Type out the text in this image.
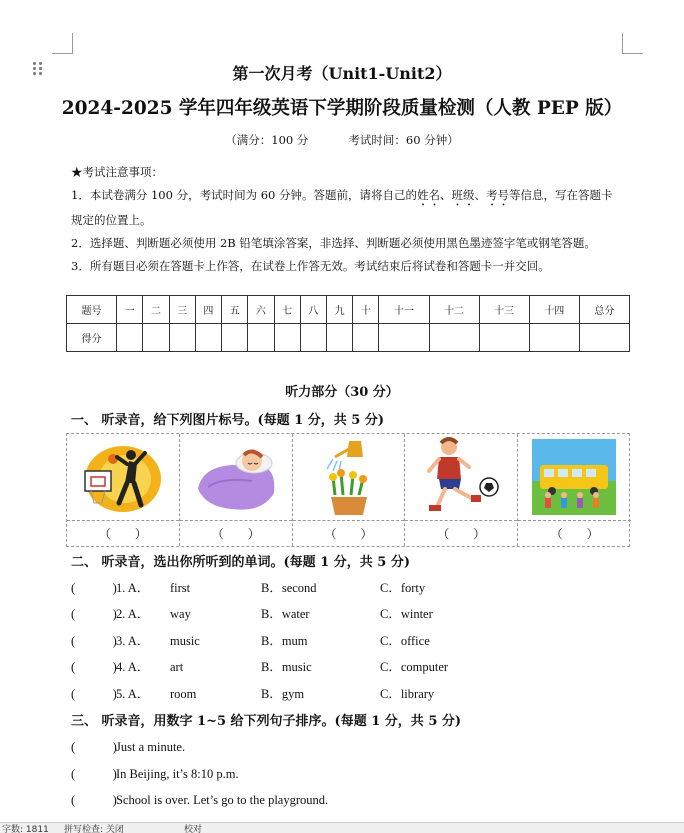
第一次月考（Unit1-Unit2）
2024-2025 学年四年级英语下学期阶段质量检测（人教 PEP 版）
（满分：100 分	考试时间：60 分钟）

★考试注意事项：

1．本试卷满分 100 分，考试时间为 60 分钟。答题前，请将自己的姓名、班级、考号等信息，写在答题卡

规定的位置上。

2．选择题、判断题必须使用 2B 铅笔填涂答案，非选择、判断题必须使用黑色墨迹签字笔或钢笔答题。

3．所有题目必须在答题卡上作答，在试卷上作答无效。考试结束后将试卷和答题卡一并交回。

题号	一	二	三	四	五	六	七	八	九	十	十一	十二	十三	十四	总分
得分															
听力部分（30 分）
一、 听录音，给下列图片标号。(每题 1 分，共 5 分)
（　　）	（　　）	（　　）	（　　）	（　　）
二、 听录音，选出你所听到的单词。(每题 1 分，共 5 分)
(　　　)1. A． first	B．second	C．forty
(　　　)2. A． way	B．water	C．winter
(　　　)3. A． music	B．mum	C．office
(　　　)4. A． art	B．music	C．computer
(　　　)5. A． room	B．gym	C．library
三、 听录音，用数字 1~5 给下列句子排序。(每题 1 分，共 5 分)
(　　　)Just a minute.
(　　　)In Beijing, it’s 8:10 p.m.
(　　　)School is over. Let’s go to the playground.
字数: 1811 拼写检查: 关闭	校对
